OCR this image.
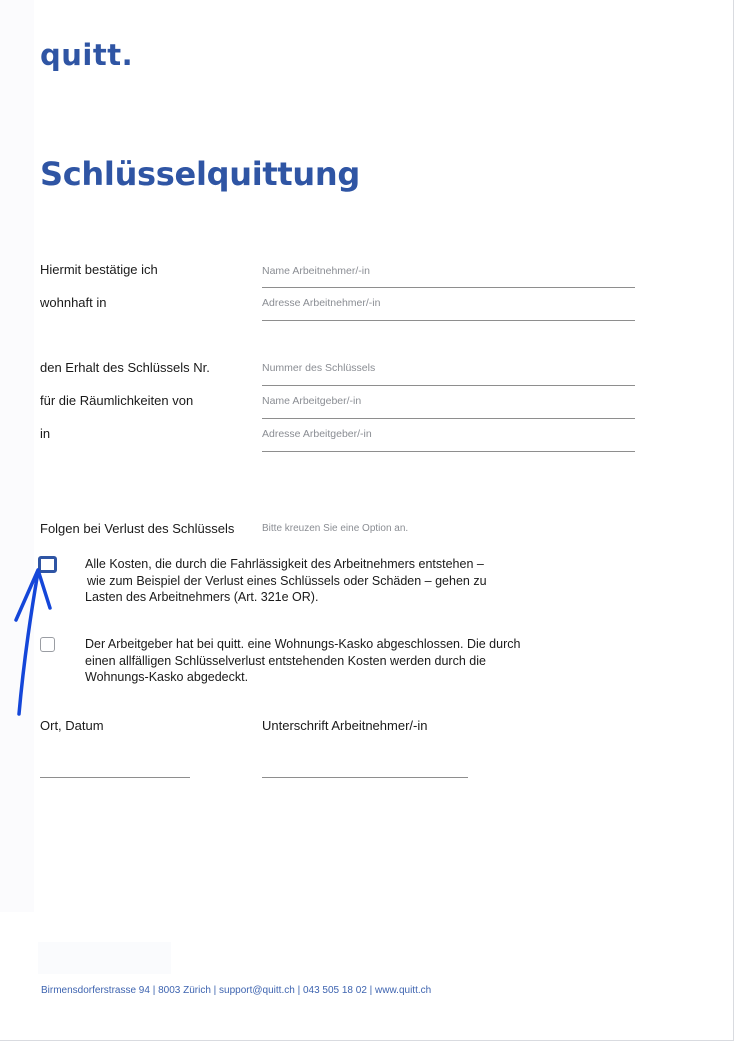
quitt.
Schlüsselquittung
Hiermit bestätige ich	Name Arbeitnehmer/-in
wohnhaft in	Adresse Arbeitnehmer/-in
den Erhalt des Schlüssels Nr.	Nummer des Schlüssels
für die Räumlichkeiten von	Name Arbeitgeber/-in
in	Adresse Arbeitgeber/-in
Folgen bei Verlust des Schlüssels	Bitte kreuzen Sie eine Option an.
Alle Kosten, die durch die Fahrlässigkeit des Arbeitnehmers entstehen –
wie zum Beispiel der Verlust eines Schlüssels oder Schäden – gehen zu
Lasten des Arbeitnehmers (Art. 321e OR).
Der Arbeitgeber hat bei quitt. eine Wohnungs-Kasko abgeschlossen. Die durch
einen allfälligen Schlüsselverlust entstehenden Kosten werden durch die
Wohnungs-Kasko abgedeckt.
Ort, Datum	Unterschrift Arbeitnehmer/-in
Birmensdorferstrasse 94 | 8003 Zürich | support@quitt.ch | 043 505 18 02 | www.quitt.ch
